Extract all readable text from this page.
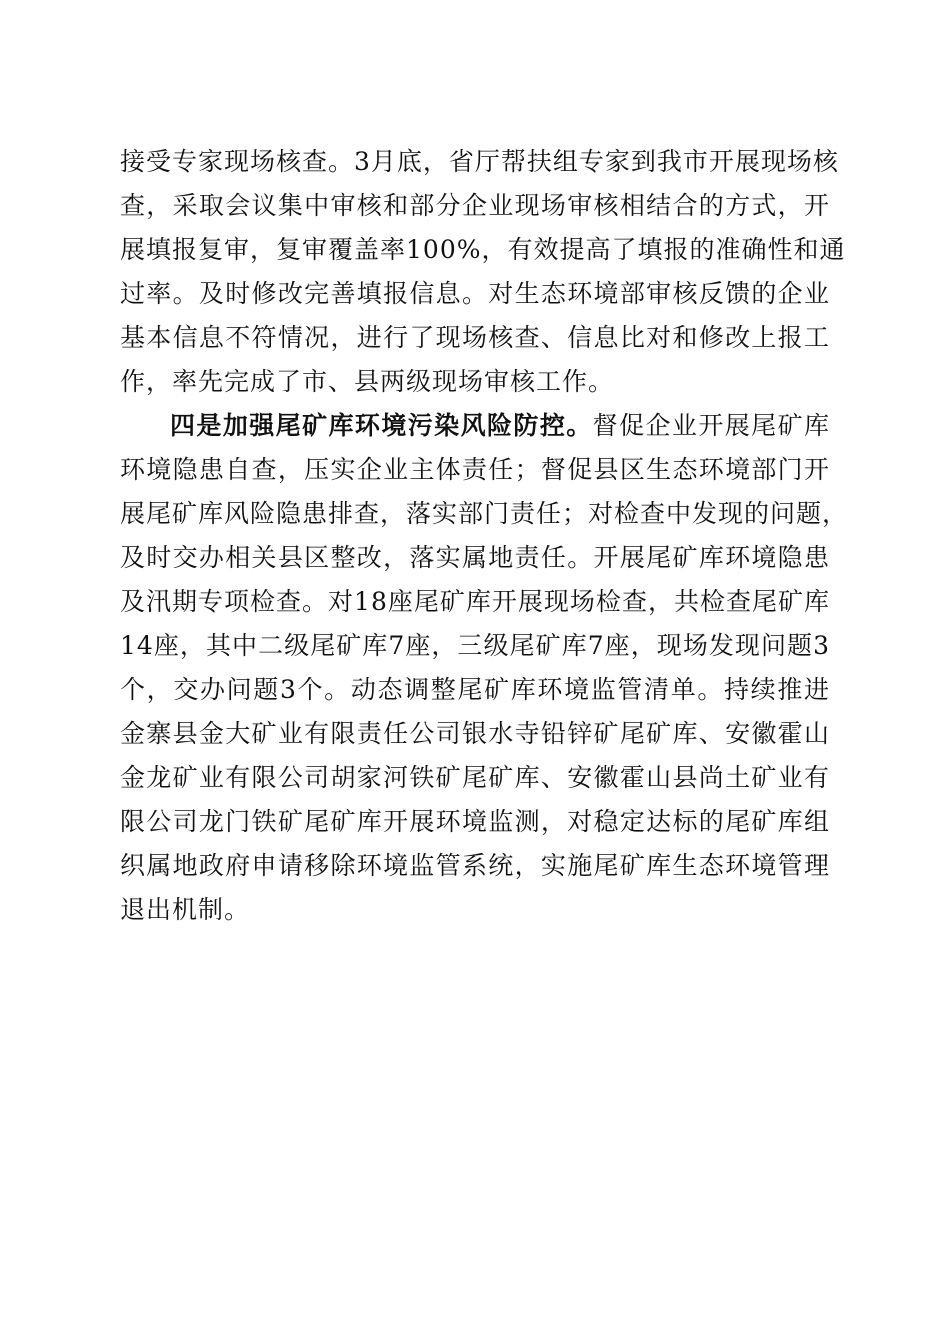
接受专家现场核查。3月底，省厅帮扶组专家到我市开展现场核
查，采取会议集中审核和部分企业现场审核相结合的方式，开
展填报复审，复审覆盖率100%，有效提高了填报的准确性和通
过率。及时修改完善填报信息。对生态环境部审核反馈的企业
基本信息不符情况，进行了现场核查、信息比对和修改上报工
作，率先完成了市、县两级现场审核工作。
四是加强尾矿库环境污染风险防控。督促企业开展尾矿库
环境隐患自查，压实企业主体责任；督促县区生态环境部门开
展尾矿库风险隐患排查，落实部门责任；对检查中发现的问题，
及时交办相关县区整改，落实属地责任。开展尾矿库环境隐患
及汛期专项检查。对18座尾矿库开展现场检查，共检查尾矿库
14座，其中二级尾矿库7座，三级尾矿库7座，现场发现问题3
个，交办问题3个。动态调整尾矿库环境监管清单。持续推进
金寨县金大矿业有限责任公司银水寺铅锌矿尾矿库、安徽霍山
金龙矿业有限公司胡家河铁矿尾矿库、安徽霍山县尚土矿业有
限公司龙门铁矿尾矿库开展环境监测，对稳定达标的尾矿库组
织属地政府申请移除环境监管系统，实施尾矿库生态环境管理
退出机制。
